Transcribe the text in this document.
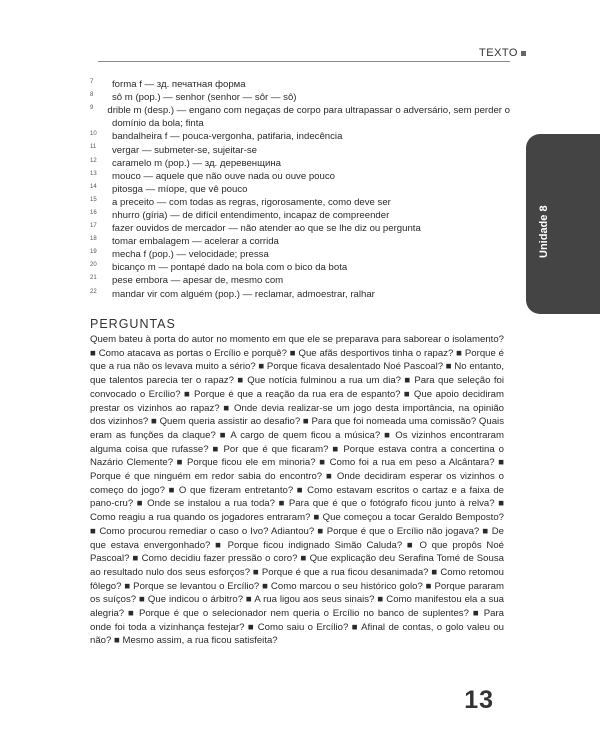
TEXTO
Unidade 8
7	forma f — зд. печатная форма
8	sô m (pop.) — senhor (senhor — sôr — sô)
9	drible m (desp.) — engano com negaças de corpo para ultrapassar o adversário, sem perder o
domínio da bola; finta
10	bandalheira f — pouca-vergonha, patifaria, indecência
11	vergar — submeter-se, sujeitar-se
12	caramelo m (pop.) — зд. деревенщина
13	mouco — aquele que não ouve nada ou ouve pouco
14	pitosga — míope, que vê pouco
15	a preceito — com todas as regras, rigorosamente, como deve ser
16	nhurro (gíria) — de difícil entendimento, incapaz de compreender
17	fazer ouvidos de mercador — não atender ao que se lhe diz ou pergunta
18	tomar embalagem — acelerar a corrida
19	mecha f (pop.) — velocidade; pressa
20	bicanço m — pontapé dado na bola com o bico da bota
21	pese embora — apesar de, mesmo com
22	mandar vir com alguém (pop.) — reclamar, admoestrar, ralhar
PERGUNTAS
Quem bateu à porta do autor no momento em que ele se preparava para saborear o isolamento? ■ Como atacava as portas o Ercílio e porquê? ■ Que afãs desportivos tinha o rapaz? ■ Porque é que a rua não os levava muito a sério? ■ Porque ficava desalentado Noé Pascoal? ■ No entanto, que talentos parecia ter o rapaz? ■ Que notícia fulminou a rua um dia? ■ Para que seleção foi convocado o Ercílio? ■ Porque é que a reação da rua era de espanto? ■ Que apoio decidiram prestar os vizinhos ao rapaz? ■ Onde devia realizar-se um jogo desta importância, na opinião dos vizinhos? ■ Quem queria assistir ao desafio? ■ Para que foi nomeada uma comissão? Quais eram as funções da claque? ■ A cargo de quem ficou a música? ■ Os vizinhos encontraram alguma coisa que rufasse? ■ Por que é que ficaram? ■ Porque estava contra a concertina o Nazário Clemente? ■ Porque ficou ele em minoria? ■ Como foi a rua em peso a Alcântara? ■ Porque é que ninguém em redor sabia do encontro? ■ Onde decidiram esperar os vizinhos o começo do jogo? ■ O que fizeram entretanto? ■ Como estavam escritos o cartaz e a faixa de pano-cru? ■ Onde se instalou a rua toda? ■ Para que é que o fotógrafo ficou junto à relva? ■ Como reagiu a rua quando os jogadores entraram? ■ Que começou a tocar Geraldo Bemposto? ■ Como procurou remediar o caso o Ivo? Adiantou? ■ Porque é que o Ercílio não jogava? ■ De que estava envergonhado? ■ Porque ficou indignado Simão Caluda? ■ O que propôs Noé Pascoal? ■ Como decidiu fazer pressão o coro? ■ Que explicação deu Serafina Tomé de Sousa ao resultado nulo dos seus esforços? ■ Porque é que a rua ficou desanimada? ■ Como retomou fôlego? ■ Porque se levantou o Ercílio? ■ Como marcou o seu histórico golo? ■ Porque pararam os suíços? ■ Que indicou o árbitro? ■ A rua ligou aos seus sinais? ■ Como manifestou ela a sua alegria? ■ Porque é que o selecionador nem queria o Ercílio no banco de suplentes? ■ Para onde foi toda a vizinhança festejar? ■ Como saiu o Ercílio? ■ Afinal de contas, o golo valeu ou não? ■ Mesmo assim, a rua ficou satisfeita?
13
